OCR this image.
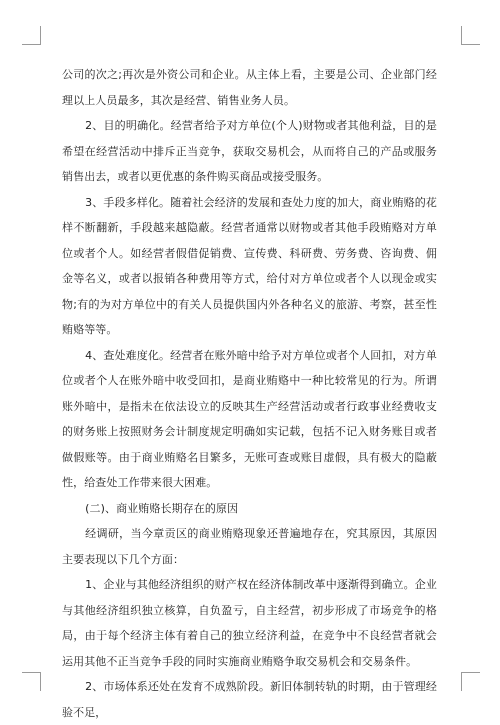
公司的次之;再次是外资公司和企业。从主体上看，主要是公司、企业部门经理以上人员最多，其次是经营、销售业务人员。

2、目的明确化。经营者给予对方单位(个人)财物或者其他利益，目的是希望在经营活动中排斥正当竞争，获取交易机会，从而将自己的产品或服务销售出去，或者以更优惠的条件购买商品或接受服务。

3、手段多样化。随着社会经济的发展和查处力度的加大，商业贿赂的花样不断翻新，手段越来越隐蔽。经营者通常以财物或者其他手段贿赂对方单位或者个人。如经营者假借促销费、宣传费、科研费、劳务费、咨询费、佣金等名义，或者以报销各种费用等方式，给付对方单位或者个人以现金或实物;有的为对方单位中的有关人员提供国内外各种名义的旅游、考察，甚至性贿赂等等。

4、查处难度化。经营者在账外暗中给予对方单位或者个人回扣，对方单位或者个人在账外暗中收受回扣，是商业贿赂中一种比较常见的行为。所谓账外暗中，是指未在依法设立的反映其生产经营活动或者行政事业经费收支的财务账上按照财务会计制度规定明确如实记载，包括不记入财务账目或者做假账等。由于商业贿赂名目繁多，无账可查或账目虚假，具有极大的隐蔽性，给查处工作带来很大困难。

(二)、商业贿赂长期存在的原因

经调研，当今章贡区的商业贿赂现象还普遍地存在，究其原因，其原因主要表现以下几个方面：

1、企业与其他经济组织的财产权在经济体制改革中逐渐得到确立。企业与其他经济组织独立核算，自负盈亏，自主经营，初步形成了市场竞争的格局，由于每个经济主体有着自己的独立经济利益，在竞争中不良经营者就会运用其他不正当竞争手段的同时实施商业贿赂争取交易机会和交易条件。

2、市场体系还处在发育不成熟阶段。新旧体制转轨的时期，由于管理经验不足，
